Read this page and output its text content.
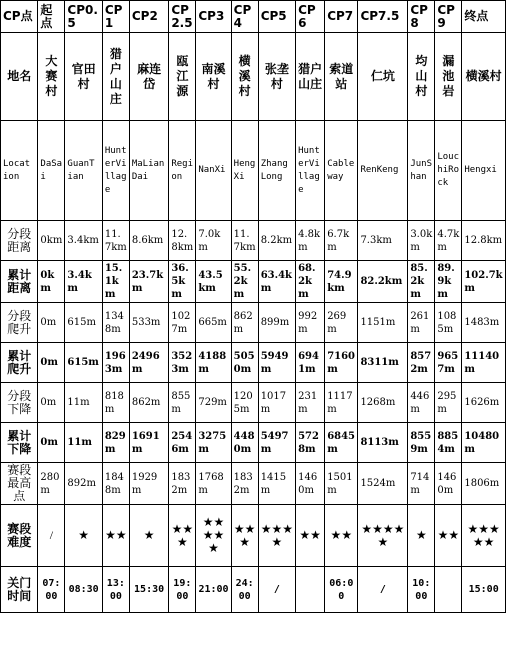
CP点	起点	CP0.5	CP1	CP2	CP2.5	CP3	CP4	CP5	CP6	CP7	CP7.5	CP8	CP9	终点
地名	大赛村	官田村	猎户山庄	麻连岱	瓯江源	南溪村	横溪村	张垄村	猎户山庄	索道站	仁坑	均山村	漏池岩	横溪村
Location	DaSai	GuanTian	HunterVillage	MaLianDai	Region	NanXi	HengXi	ZhangLong	HunterVillage	Cableway	RenKeng	JunShan	LouchiRock	Hengxi
分段距离	0km	3.4km	11.7km	8.6km	12.8km	7.0km	11.7km	8.2km	4.8km	6.7km	7.3km	3.0km	4.7km	12.8km
累计距离	0km	3.4km	15.1km	23.7km	36.5km	43.5km	55.2km	63.4km	68.2km	74.9km	82.2km	85.2km	89.9km	102.7km
分段爬升	0m	615m	1348m	533m	1027m	665m	862m	899m	992m	269m	1151m	261m	1085m	1483m
累计爬升	0m	615m	1963m	2496m	3523m	4188m	5050m	5949m	6941m	7160m	8311m	8572m	9657m	11140m
分段下降	0m	11m	818m	862m	855m	729m	1205m	1017m	231m	1117m	1268m	446m	295m	1626m
累计下降	0m	11m	829m	1691m	2546m	3275m	4480m	5497m	5728m	6845m	8113m	8559m	8854m	10480m
赛段最高点	280m	892m	1848m	1929m	1832m	1768m	1832m	1415m	1460m	1501m	1524m	714m	1460m	1806m
赛段难度	/	★	★★	★	★★★	★★★★★	★★★	★★★★	★★	★★	★★★★★	★	★★	★★★★★
关门时间	07:00	08:30	13:00	15:30	19:00	21:00	24:00	/		06:00	/	10:00		15:00
